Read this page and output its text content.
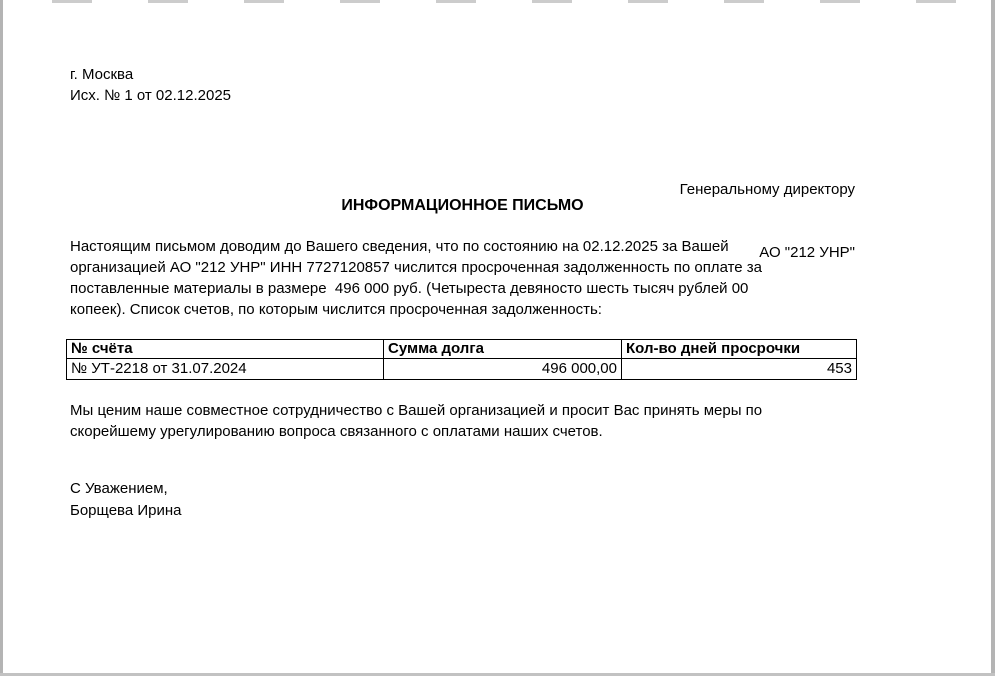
г. Москва
Исх. № 1 от 02.12.2025

Генеральному директору

АО "212 УНР"

ИНФОРМАЦИОННОЕ ПИСЬМО
Настоящим письмом доводим до Вашего сведения, что по состоянию на 02.12.2025 за Вашей
организацией АО "212 УНР" ИНН 7727120857 числится просроченная задолженность по оплате за
поставленные материалы в размере  496 000 руб. (Четыреста девяносто шесть тысяч рублей 00
копеек). Список счетов, по которым числится просроченная задолженность:
№ счёта	Сумма долга	Кол-во дней просрочки
№ УТ-2218 от 31.07.2024	496 000,00	453
Мы ценим наше совместное сотрудничество с Вашей организацией и просит Вас принять меры по
скорейшему урегулированию вопроса связанного с оплатами наших счетов.
С Уважением,
Борщева Ирина
